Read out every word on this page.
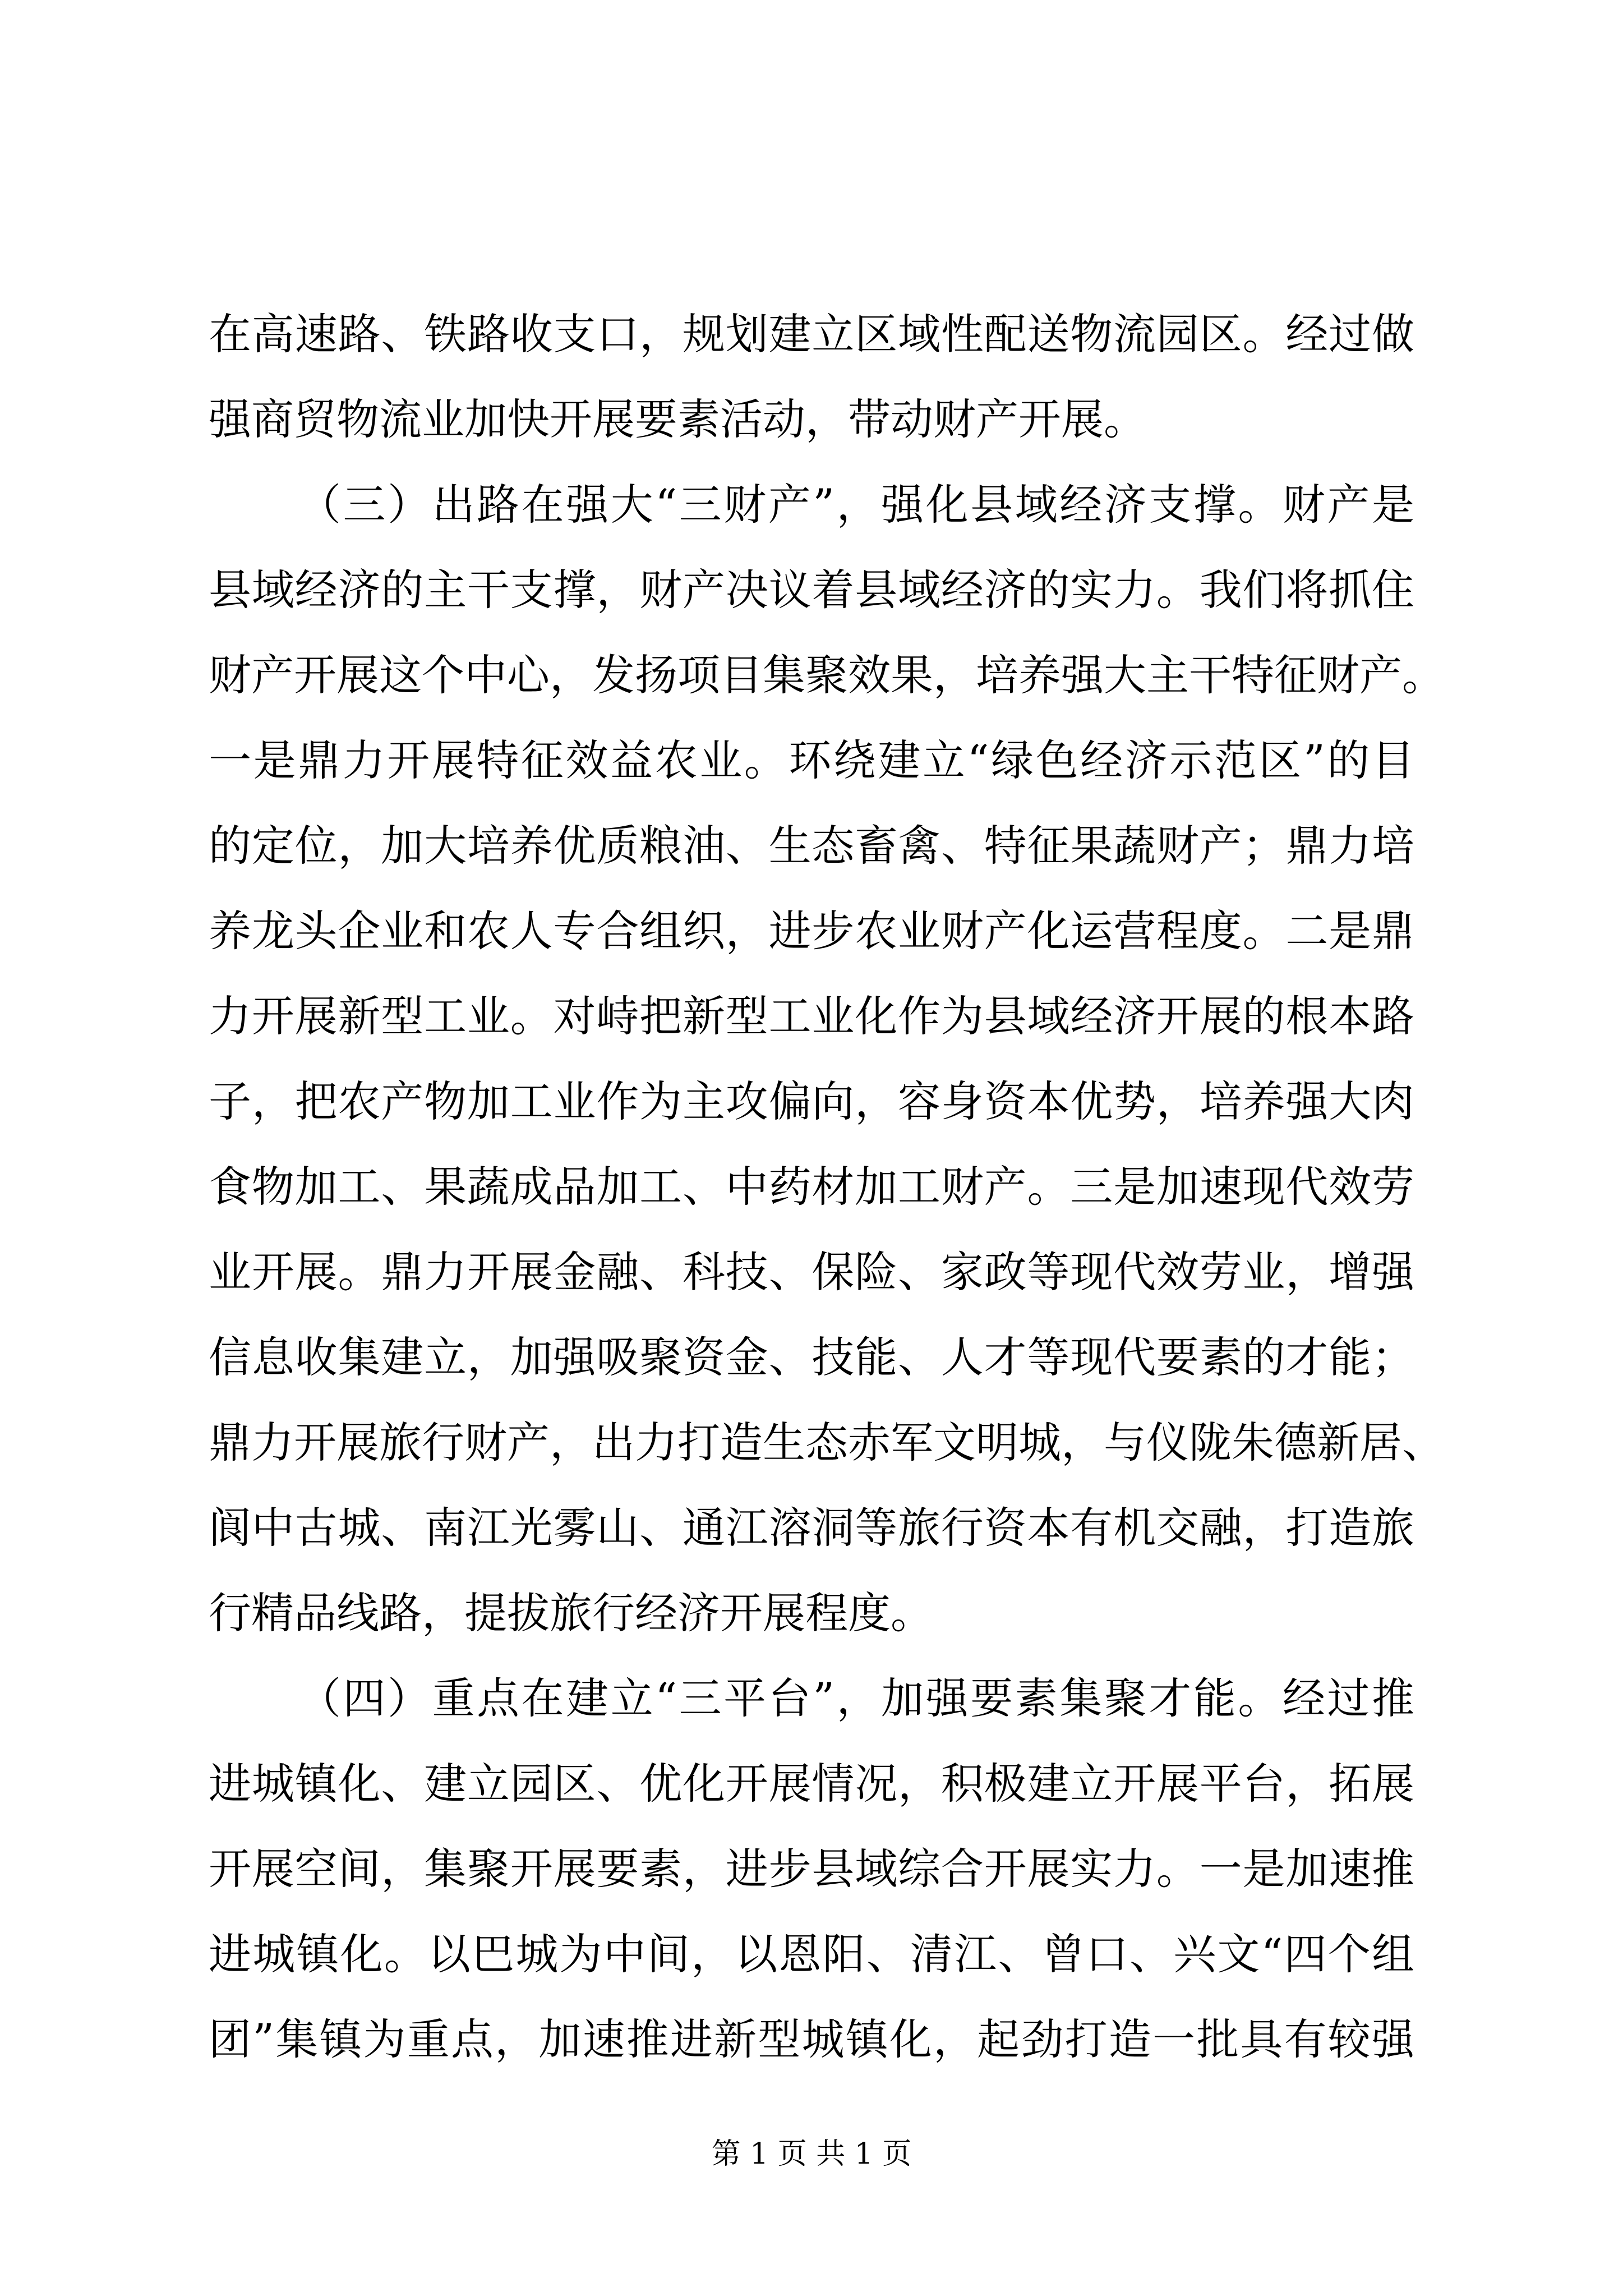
在高速路、铁路收支口，规划建立区域性配送物流园区。经过做
强商贸物流业加快开展要素活动，带动财产开展。
（三）出路在强大“三财产”，强化县域经济支撑。财产是
县域经济的主干支撑，财产决议着县域经济的实力。我们将抓住
财产开展这个中心，发扬项目集聚效果，培养强大主干特征财产。
一是鼎力开展特征效益农业。环绕建立“绿色经济示范区”的目
的定位，加大培养优质粮油、生态畜禽、特征果蔬财产；鼎力培
养龙头企业和农人专合组织，进步农业财产化运营程度。二是鼎
力开展新型工业。对峙把新型工业化作为县域经济开展的根本路
子，把农产物加工业作为主攻偏向，容身资本优势，培养强大肉
食物加工、果蔬成品加工、中药材加工财产。三是加速现代效劳
业开展。鼎力开展金融、科技、保险、家政等现代效劳业，增强
信息收集建立，加强吸聚资金、技能、人才等现代要素的才能；
鼎力开展旅行财产，出力打造生态赤军文明城，与仪陇朱德新居、
阆中古城、南江光雾山、通江溶洞等旅行资本有机交融，打造旅
行精品线路，提拔旅行经济开展程度。
（四）重点在建立“三平台”，加强要素集聚才能。经过推
进城镇化、建立园区、优化开展情况，积极建立开展平台，拓展
开展空间，集聚开展要素，进步县域综合开展实力。一是加速推
进城镇化。以巴城为中间，以恩阳、清江、曾口、兴文“四个组
团”集镇为重点，加速推进新型城镇化，起劲打造一批具有较强
第 1 页 共 1 页
